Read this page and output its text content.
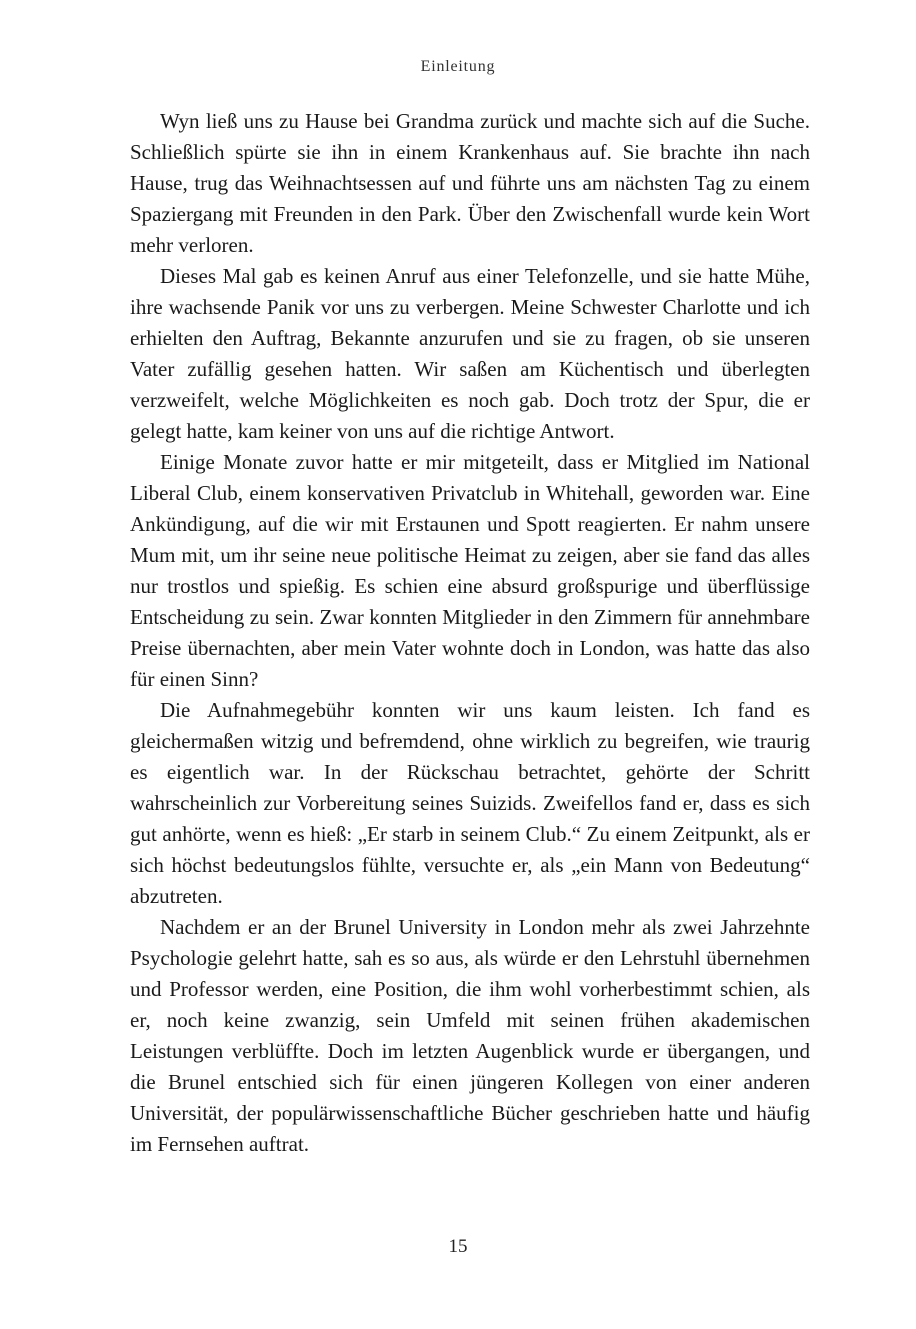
Einleitung

Wyn ließ uns zu Hause bei Grandma zurück und machte sich auf die Suche. Schließlich spürte sie ihn in einem Krankenhaus auf. Sie brachte ihn nach Hause, trug das Weihnachtsessen auf und führte uns am nächsten Tag zu einem Spaziergang mit Freunden in den Park. Über den Zwischenfall wurde kein Wort mehr verloren.

Dieses Mal gab es keinen Anruf aus einer Telefonzelle, und sie hatte Mühe, ihre wachsende Panik vor uns zu verbergen. Meine Schwester Charlotte und ich erhielten den Auftrag, Bekannte anzurufen und sie zu fragen, ob sie unseren Vater zufällig gesehen hatten. Wir saßen am Küchentisch und überlegten verzweifelt, welche Möglichkeiten es noch gab. Doch trotz der Spur, die er gelegt hatte, kam keiner von uns auf die richtige Antwort.

Einige Monate zuvor hatte er mir mitgeteilt, dass er Mitglied im National Liberal Club, einem konservativen Privatclub in Whitehall, geworden war. Eine Ankündigung, auf die wir mit Erstaunen und Spott reagierten. Er nahm unsere Mum mit, um ihr seine neue politische Heimat zu zeigen, aber sie fand das alles nur trostlos und spießig. Es schien eine absurd großspurige und überflüssige Entscheidung zu sein. Zwar konnten Mitglieder in den Zimmern für annehmbare Preise übernachten, aber mein Vater wohnte doch in London, was hatte das also für einen Sinn?

Die Aufnahmegebühr konnten wir uns kaum leisten. Ich fand es gleichermaßen witzig und befremdend, ohne wirklich zu begreifen, wie traurig es eigentlich war. In der Rückschau betrachtet, gehörte der Schritt wahrscheinlich zur Vorbereitung seines Suizids. Zweifellos fand er, dass es sich gut anhörte, wenn es hieß: „Er starb in seinem Club.“ Zu einem Zeitpunkt, als er sich höchst bedeutungslos fühlte, versuchte er, als „ein Mann von Bedeutung“ abzutreten.

Nachdem er an der Brunel University in London mehr als zwei Jahrzehnte Psychologie gelehrt hatte, sah es so aus, als würde er den Lehrstuhl übernehmen und Professor werden, eine Position, die ihm wohl vorherbestimmt schien, als er, noch keine zwanzig, sein Umfeld mit seinen frühen akademischen Leistungen verblüffte. Doch im letzten Augenblick wurde er übergangen, und die Brunel entschied sich für einen jüngeren Kollegen von einer anderen Universität, der populärwissenschaftliche Bücher geschrieben hatte und häufig im Fernsehen auftrat.

15
